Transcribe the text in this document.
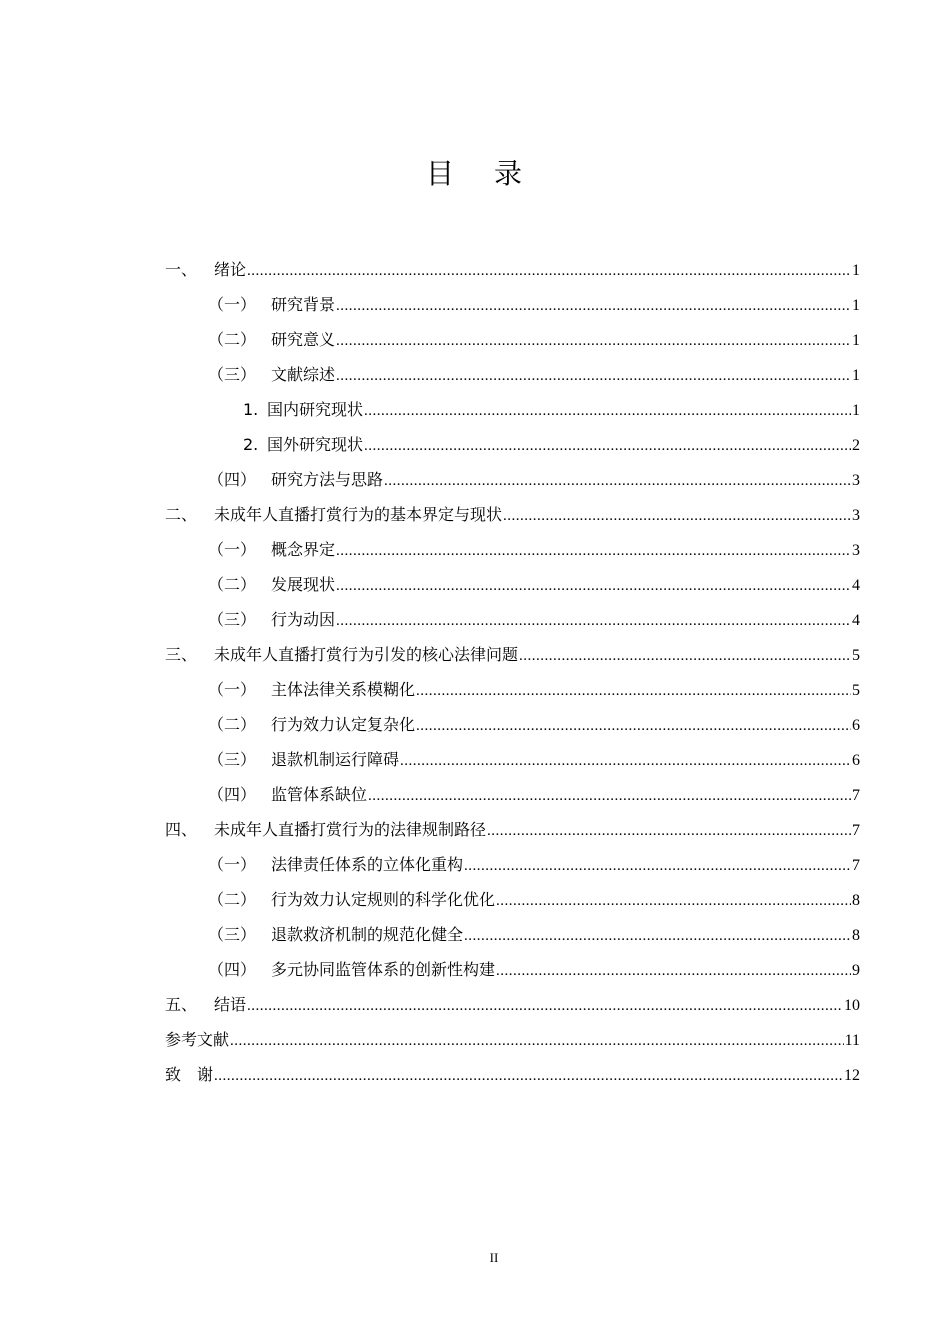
目录
一、	绪论 .....	1
（一） 研究背景 .....	1
（二） 研究意义 .....	1
（三） 文献综述 .....	1
1. 国内研究现状 .....	1
2. 国外研究现状 .....	2
（四） 研究方法与思路 .....	3
二、	未成年人直播打赏行为的基本界定与现状 .....	3
（一） 概念界定 .....	3
（二） 发展现状 .....	4
（三） 行为动因 .....	4
三、	未成年人直播打赏行为引发的核心法律问题 .....	5
（一） 主体法律关系模糊化 .....	5
（二） 行为效力认定复杂化 .....	6
（三） 退款机制运行障碍 .....	6
（四） 监管体系缺位 .....	7
四、	未成年人直播打赏行为的法律规制路径 .....	7
（一） 法律责任体系的立体化重构 .....	7
（二） 行为效力认定规则的科学化优化 .....	8
（三） 退款救济机制的规范化健全 .....	8
（四） 多元协同监管体系的创新性构建 .....	9
五、	结语 .....	10
参考文献 .....	11
致　谢 .....	12
II
